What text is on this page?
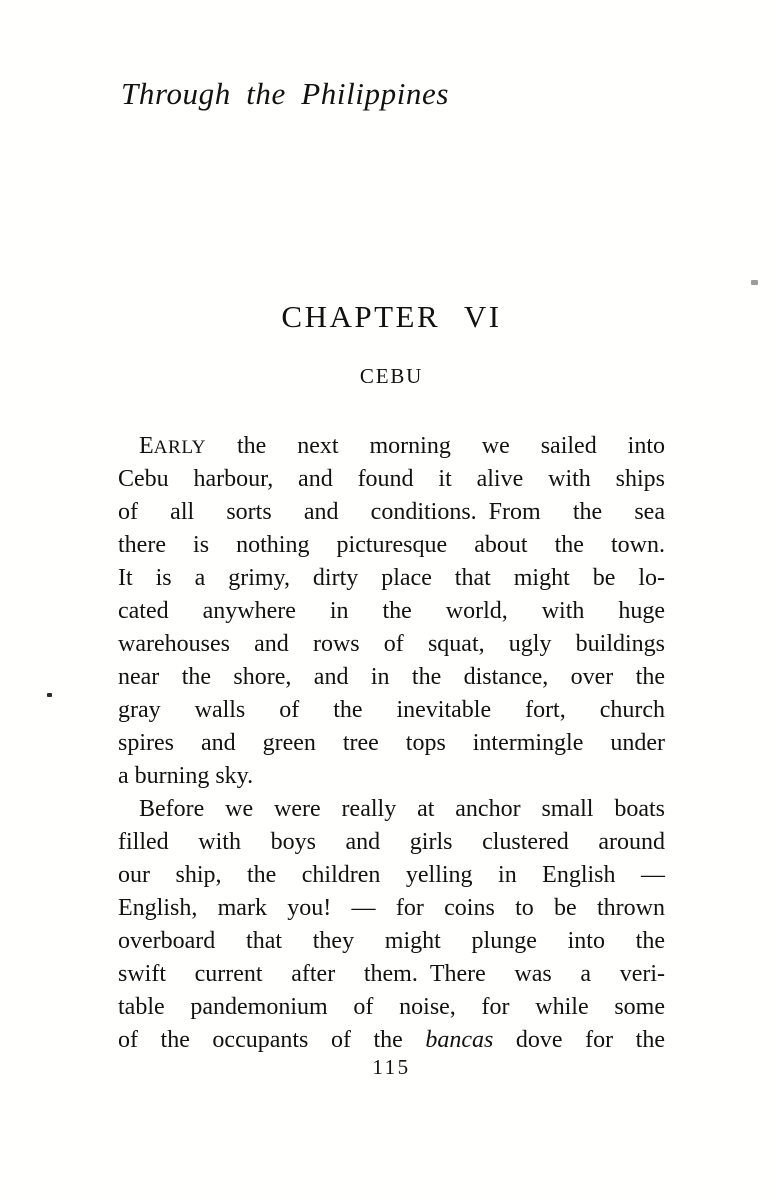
Through the Philippines
CHAPTER VI
CEBU
EARLY the next morning we sailed into
Cebu harbour, and found it alive with ships
of all sorts and conditions. From the sea
there is nothing picturesque about the town.
It is a grimy, dirty place that might be lo-
cated anywhere in the world, with huge
warehouses and rows of squat, ugly buildings
near the shore, and in the distance, over the
gray walls of the inevitable fort, church
spires and green tree tops intermingle under
a burning sky.
Before we were really at anchor small boats
filled with boys and girls clustered around
our ship, the children yelling in English —
English, mark you! — for coins to be thrown
overboard that they might plunge into the
swift current after them. There was a veri-
table pandemonium of noise, for while some
of the occupants of the bancas dove for the
115
